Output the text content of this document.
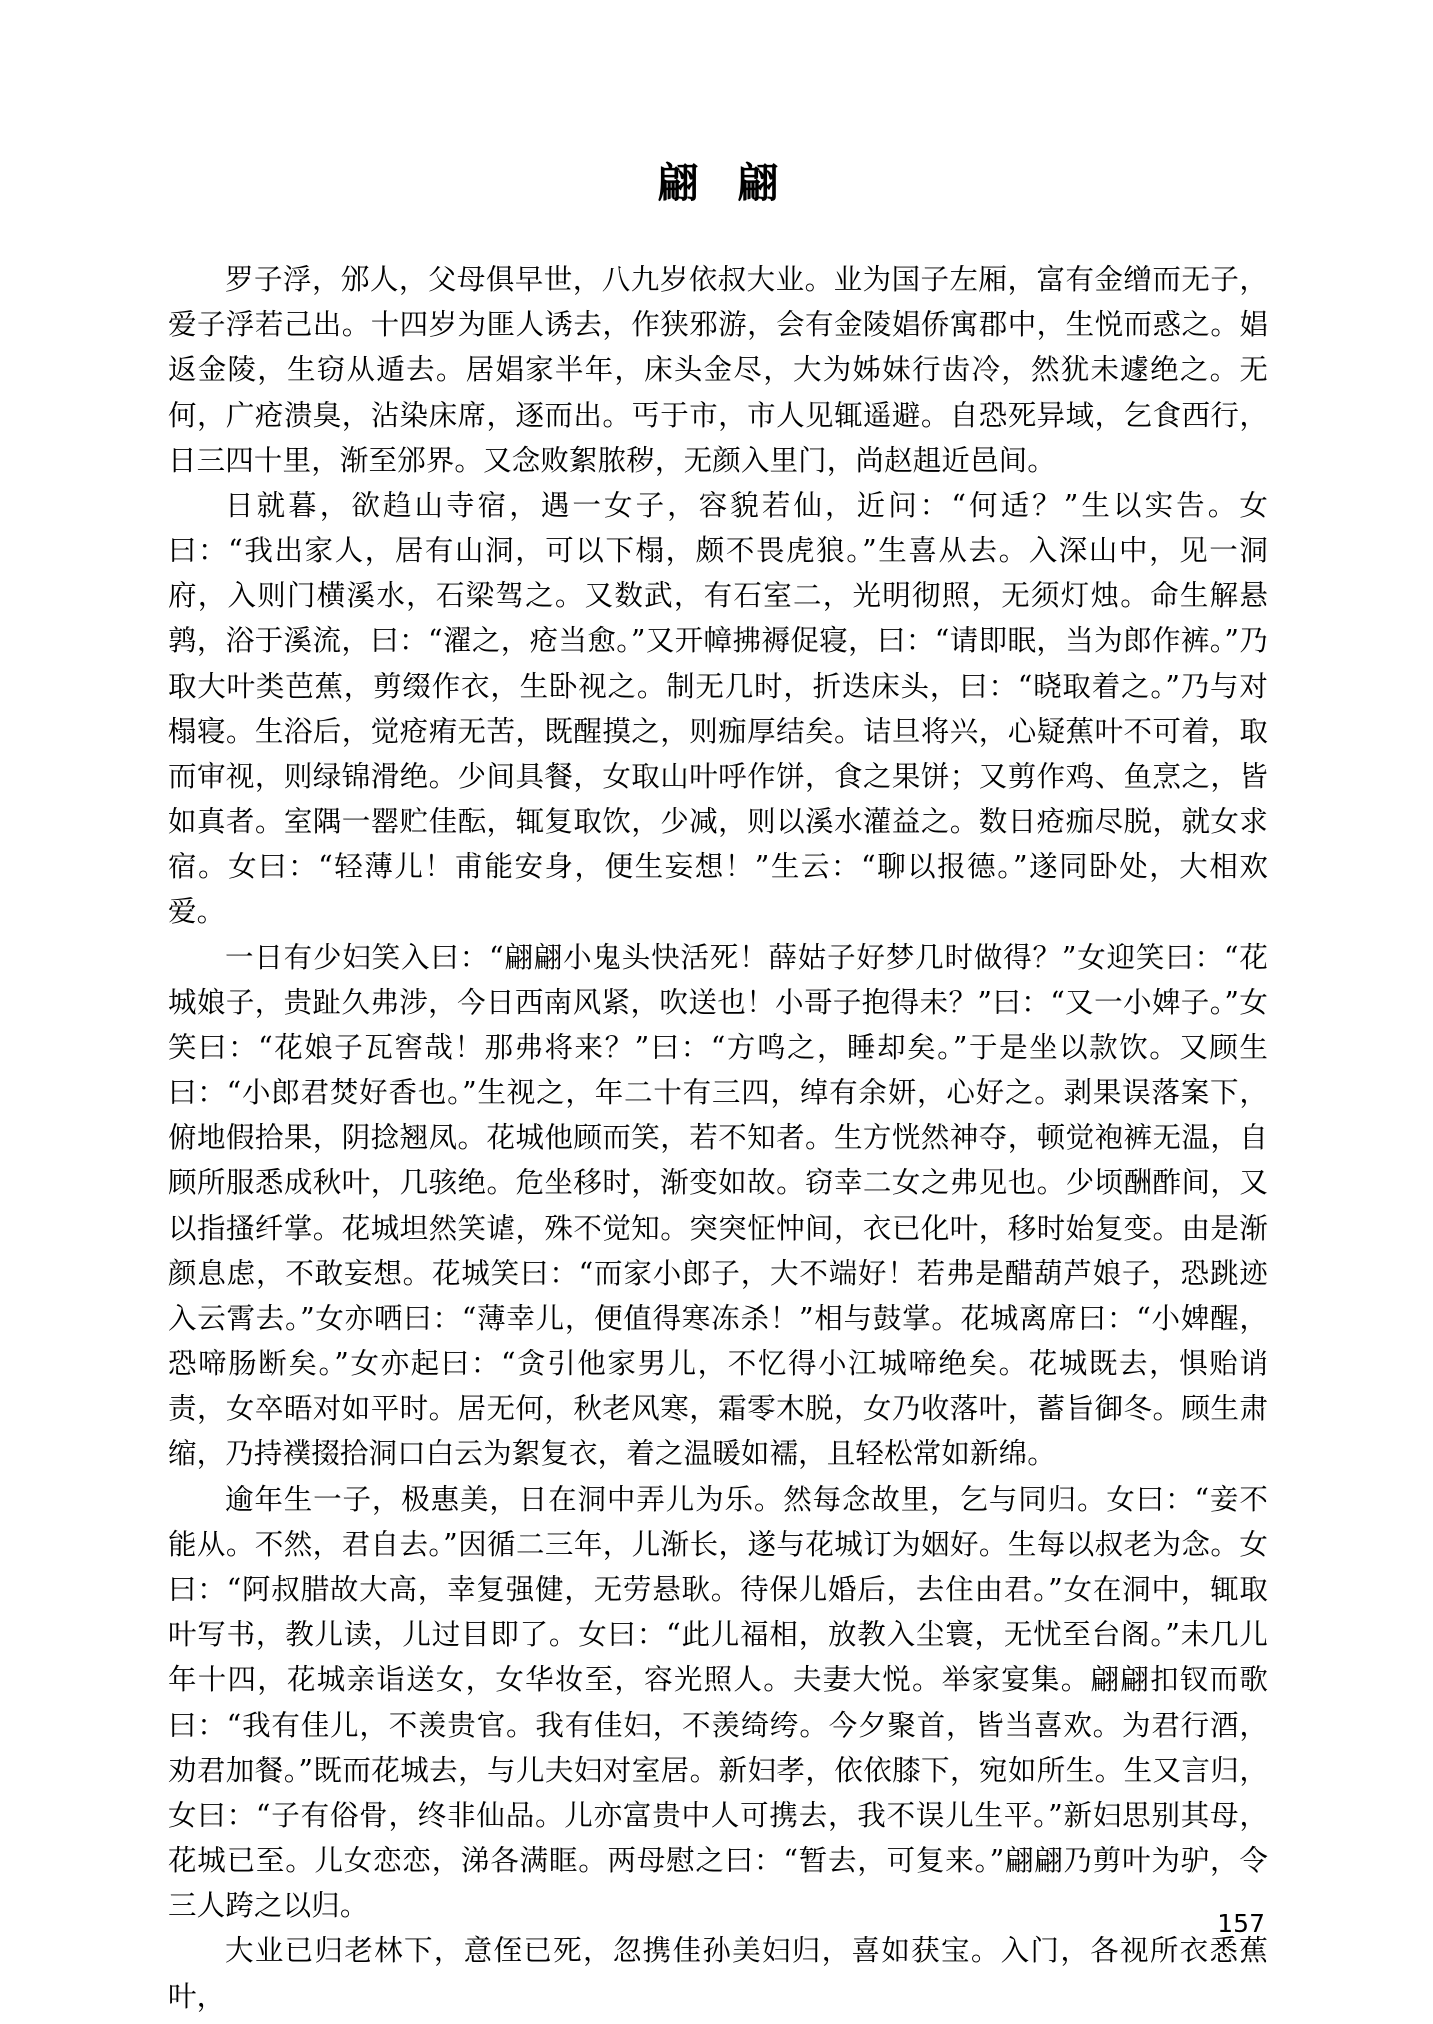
翩 翩

罗子浮，邠人，父母俱早世，八九岁依叔大业。业为国子左厢，富有金缯而无子，爱子浮若己出。十四岁为匪人诱去，作狭邪游，会有金陵娼侨寓郡中，生悦而惑之。娼返金陵，生窃从遁去。居娼家半年，床头金尽，大为姊妹行齿冷，然犹未遽绝之。无何，广疮溃臭，沾染床席，逐而出。丐于市，市人见辄遥避。自恐死异域，乞食西行，日三四十里，渐至邠界。又念败絮脓秽，无颜入里门，尚赵趄近邑间。

日就暮，欲趋山寺宿，遇一女子，容貌若仙，近问：“何适？”生以实告。女曰：“我出家人，居有山洞，可以下榻，颇不畏虎狼。”生喜从去。入深山中，见一洞府，入则门横溪水，石梁驾之。又数武，有石室二，光明彻照，无须灯烛。命生解悬鹑，浴于溪流，曰：“濯之，疮当愈。”又开幛拂褥促寝，曰：“请即眠，当为郎作裤。”乃取大叶类芭蕉，剪缀作衣，生卧视之。制无几时，折迭床头，曰：“晓取着之。”乃与对榻寝。生浴后，觉疮痏无苦，既醒摸之，则痂厚结矣。诘旦将兴，心疑蕉叶不可着，取而审视，则绿锦滑绝。少间具餐，女取山叶呼作饼，食之果饼；又剪作鸡、鱼烹之，皆如真者。室隅一罂贮佳酝，辄复取饮，少减，则以溪水灌益之。数日疮痂尽脱，就女求宿。女曰：“轻薄儿！甫能安身，便生妄想！”生云：“聊以报德。”遂同卧处，大相欢爱。

一日有少妇笑入曰：“翩翩小鬼头快活死！薛姑子好梦几时做得？”女迎笑曰：“花城娘子，贵趾久弗涉，今日西南风紧，吹送也！小哥子抱得未？”曰：“又一小婢子。”女笑曰：“花娘子瓦窖哉！那弗将来？”曰：“方鸣之，睡却矣。”于是坐以款饮。又顾生曰：“小郎君焚好香也。”生视之，年二十有三四，绰有余妍，心好之。剥果误落案下，俯地假拾果，阴捻翘凤。花城他顾而笑，若不知者。生方恍然神夺，顿觉袍裤无温，自顾所服悉成秋叶，几骇绝。危坐移时，渐变如故。窃幸二女之弗见也。少顷酬酢间，又以指搔纤掌。花城坦然笑谑，殊不觉知。突突怔忡间，衣已化叶，移时始复变。由是渐颜息虑，不敢妄想。花城笑曰：“而家小郎子，大不端好！若弗是醋葫芦娘子，恐跳迹入云霄去。”女亦哂曰：“薄幸儿，便值得寒冻杀！”相与鼓掌。花城离席曰：“小婢醒，恐啼肠断矣。”女亦起曰：“贪引他家男儿，不忆得小江城啼绝矣。花城既去，惧贻诮责，女卒晤对如平时。居无何，秋老风寒，霜零木脱，女乃收落叶，蓄旨御冬。顾生肃缩，乃持襆掇拾洞口白云为絮复衣，着之温暖如襦，且轻松常如新绵。

逾年生一子，极惠美，日在洞中弄儿为乐。然每念故里，乞与同归。女曰：“妾不能从。不然，君自去。”因循二三年，儿渐长，遂与花城订为姻好。生每以叔老为念。女曰：“阿叔腊故大高，幸复强健，无劳悬耿。待保儿婚后，去住由君。”女在洞中，辄取叶写书，教儿读，儿过目即了。女曰：“此儿福相，放教入尘寰，无忧至台阁。”未几儿年十四，花城亲诣送女，女华妆至，容光照人。夫妻大悦。举家宴集。翩翩扣钗而歌曰：“我有佳儿，不羡贵官。我有佳妇，不羡绮绔。今夕聚首，皆当喜欢。为君行酒，劝君加餐。”既而花城去，与儿夫妇对室居。新妇孝，依依膝下，宛如所生。生又言归，女曰：“子有俗骨，终非仙品。儿亦富贵中人可携去，我不误儿生平。”新妇思别其母，花城已至。儿女恋恋，涕各满眶。两母慰之曰：“暂去，可复来。”翩翩乃剪叶为驴，令三人跨之以归。

大业已归老林下，意侄已死，忽携佳孙美妇归，喜如获宝。入门，各视所衣悉蕉叶，

157
